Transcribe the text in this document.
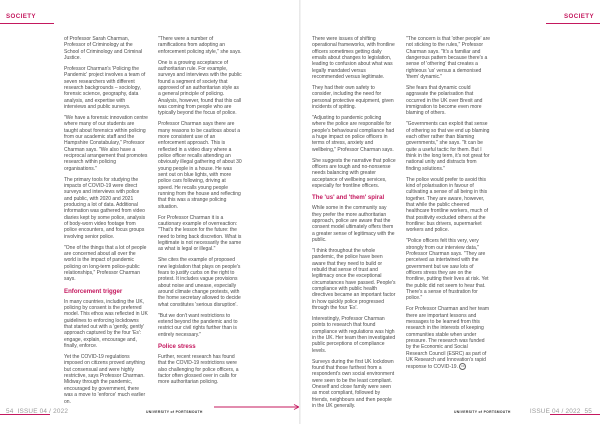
SOCIETY

of Professor Sarah Charman, Professor of Criminology at the School of Criminology and Criminal Justice.

Professor Charman's 'Policing the Pandemic' project involves a team of seven researchers with different research backgrounds – sociology, forensic science, geography, data analysis, and expertise with interviews and public surveys.

"We have a forensic innovation centre where many of our students are taught about forensics within policing from our academic staff and the Hampshire Constabulary," Professor Charman says. "We also have a reciprocal arrangement that promotes research within policing organisations."

The primary tools for studying the impacts of COVID-19 were direct surveys and interviews with police and public, with 2020 and 2021 producing a lot of data. Additional information was gathered from video diaries kept by some police, analysis of body-worn video footage from police encounters, and focus groups involving senior police.

"One of the things that a lot of people are concerned about all over the world is the impact of pandemic policing on long-term police-public relationships," Professor Charman says.

Enforcement trigger

In many countries, including the UK, policing by consent is the preferred model. This ethos was reflected in UK guidelines to enforcing lockdowns that started out with a 'gently, gently' approach captured by the four 'Es': engage, explain, encourage and, finally, enforce.

Yet the COVID-19 regulations imposed on citizens proved anything but consensual and were highly restrictive, says Professor Charman. Midway through the pandemic, encouraged by government, there was a move to 'enforce' much earlier on.

"There were a number of ramifications from adopting an enforcement policing style," she says.

One is a growing acceptance of authoritarian rule. For example, surveys and interviews with the public found a segment of society that approved of an authoritarian style as a general principle of policing. Analysis, however, found that this call was coming from people who are typically beyond the focus of police.

Professor Charman says there are many reasons to be cautious about a more consistent use of an enforcement approach. This is reflected in a video diary where a police officer recalls attending an obviously illegal gathering of about 30 young people in a house. He was sent out on blue lights, with more police cars following, driving at speed. He recalls young people running from the house and reflecting that this was a strange policing situation.

For Professor Charman it is a cautionary example of overreaction: "That's the lesson for the future: the need to bring back discretion. What is legitimate is not necessarily the same as what is legal or illegal."

She cites the example of proposed new legislation that plays on people's fears to justify curbs on the right to protest. It includes vague provisions about noise and unease, especially around climate change protests, with the home secretary allowed to decide what constitutes 'serious disruption'.

"But we don't want restrictions to extend beyond the pandemic and to restrict our civil rights further than is entirely necessary."

Police stress

Further, recent research has found that the COVID-19 restrictions were also challenging for police officers, a factor often glossed over in calls for more authoritarian policing.

54 ISSUE 04 / 2022	UNIVERSITY of PORTSMOUTH
SOCIETY

There were issues of shifting operational frameworks, with frontline officers sometimes getting daily emails about changes to legislation, leading to confusion about what was legally mandated versus recommended versus legitimate.

They had their own safety to consider, including the need for personal protective equipment, given incidents of spitting.

"Adjusting to pandemic policing where the police are responsible for people's behavioural compliance had a huge impact on police officers in terms of stress, anxiety and wellbeing," Professor Charman says.

She suggests the narrative that police officers are tough and no-nonsense needs balancing with greater acceptance of wellbeing services, especially for frontline officers.

The 'us' and 'them' spiral

While some in the community say they prefer the more authoritarian approach, police are aware that the consent model ultimately offers them a greater sense of legitimacy with the public.

"I think throughout the whole pandemic, the police have been aware that they need to build or rebuild that sense of trust and legitimacy once the exceptional circumstances have passed. People's compliance with public health directives became an important factor in how quickly police progressed through the four 'Es'.

Interestingly, Professor Charman points to research that found compliance with regulations was high in the UK. Her team then investigated public perceptions of compliance levels.

Surveys during the first UK lockdown found that those furthest from a respondent's own social environment were seen to be the least compliant. Oneself and close family were seen as most compliant, followed by friends, neighbours and then people in the UK generally.

"The concern is that 'other people' are not sticking to the rules," Professor Charman says. "It's a familiar and dangerous pattern because there's a sense of 'othering' that creates a righteous 'us' versus a demonised 'them' dynamic."

She fears that dynamic could aggravate the polarisation that occurred in the UK over Brexit and immigration to become even more blaming of others.

"Governments can exploit that sense of othering so that we end up blaming each other rather than blaming governments," she says. "It can be quite a useful tactic for them. But I think in the long term, it's not great for national unity and distracts from finding solutions."

The police would prefer to avoid this kind of polarisation in favour of cultivating a sense of all being in this together. They are aware, however, that while the public cheered healthcare frontline workers, much of that positivity excluded others at the frontline: bus drivers, supermarket workers and police.

"Police officers felt this very, very strongly from our interview data," Professor Charman says. "They are perceived as intertwined with the government but we saw lots of officers stress they are on the frontline, putting their lives at risk. Yet the public did not seem to hear that. There's a sense of frustration for police."

For Professor Charman and her team there are important lessons and messages to be learned from this research in the interests of keeping communities stable when under pressure. The research was funded by the Economic and Social Research Council (ESRC) as part of UK Research and Innovation's rapid response to COVID-19. cc

UNIVERSITY of PORTSMOUTH	ISSUE 04 / 2022 55
